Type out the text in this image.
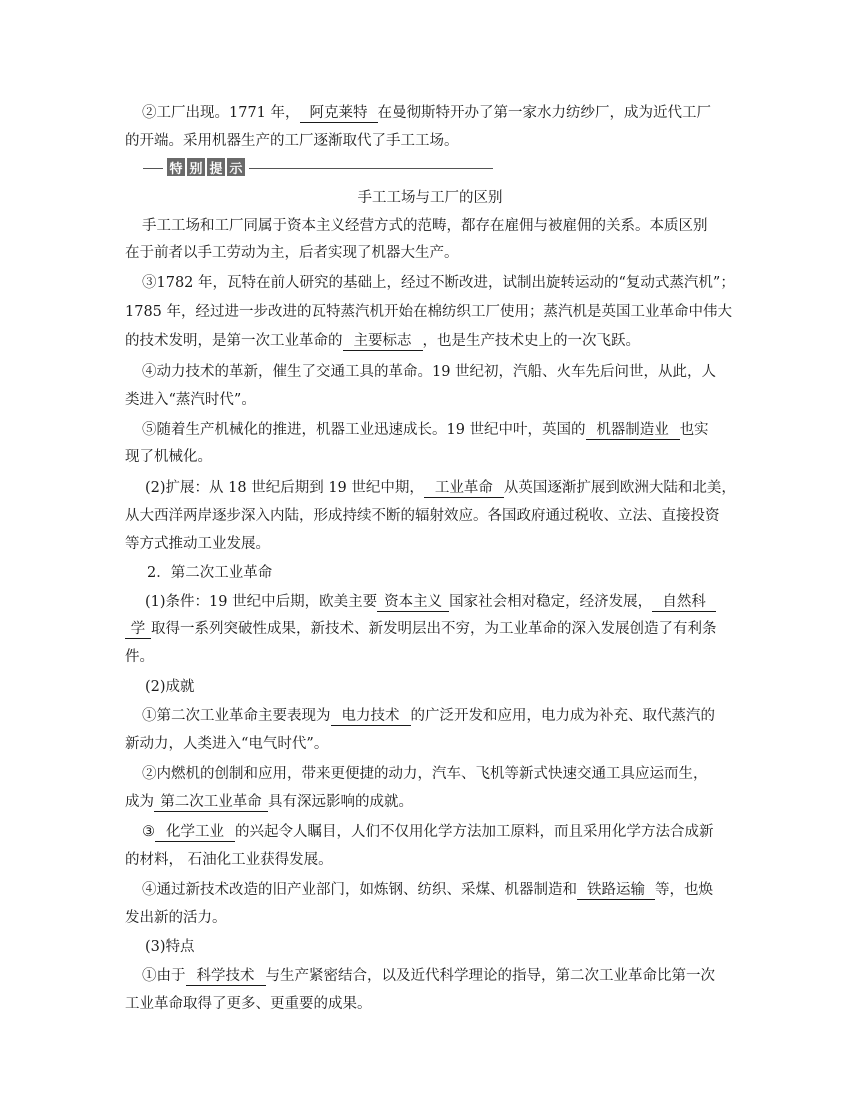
②工厂出现。1771 年， 阿克莱特 在曼彻斯特开办了第一家水力纺纱厂，成为近代工厂
的开端。采用机器生产的工厂逐渐取代了手工工场。
特 别 提 示
手工工场与工厂的区别
手工工场和工厂同属于资本主义经营方式的范畴，都存在雇佣与被雇佣的关系。本质区别
在于前者以手工劳动为主，后者实现了机器大生产。
③1782 年，瓦特在前人研究的基础上，经过不断改进，试制出旋转运动的“复动式蒸汽机”；
1785 年，经过进一步改进的瓦特蒸汽机开始在棉纺织工厂使用；蒸汽机是英国工业革命中伟大
的技术发明，是第一次工业革命的 主要标志 ，也是生产技术史上的一次飞跃。
④动力技术的革新，催生了交通工具的革命。19 世纪初，汽船、火车先后问世，从此，人
类进入“蒸汽时代”。
⑤随着生产机械化的推进，机器工业迅速成长。19 世纪中叶，英国的 机器制造业 也实
现了机械化。
(2)扩展：从 18 世纪后期到 19 世纪中期， 工业革命 从英国逐渐扩展到欧洲大陆和北美，
从大西洋两岸逐步深入内陆，形成持续不断的辐射效应。各国政府通过税收、立法、直接投资
等方式推动工业发展。
2．第二次工业革命
(1)条件：19 世纪中后期，欧美主要 资本主义 国家社会相对稳定，经济发展， 自然科
学 取得一系列突破性成果，新技术、新发明层出不穷，为工业革命的深入发展创造了有利条
件。
(2)成就
①第二次工业革命主要表现为 电力技术 的广泛开发和应用，电力成为补充、取代蒸汽的
新动力，人类进入“电气时代”。
②内燃机的创制和应用，带来更便捷的动力，汽车、飞机等新式快速交通工具应运而生，
成为 第二次工业革命 具有深远影响的成就。
③ 化学工业 的兴起令人瞩目，人们不仅用化学方法加工原料，而且采用化学方法合成新
的材料， 石油化工业获得发展。
④通过新技术改造的旧产业部门，如炼钢、纺织、采煤、机器制造和 铁路运输 等，也焕
发出新的活力。
(3)特点
①由于 科学技术 与生产紧密结合，以及近代科学理论的指导，第二次工业革命比第一次
工业革命取得了更多、更重要的成果。
